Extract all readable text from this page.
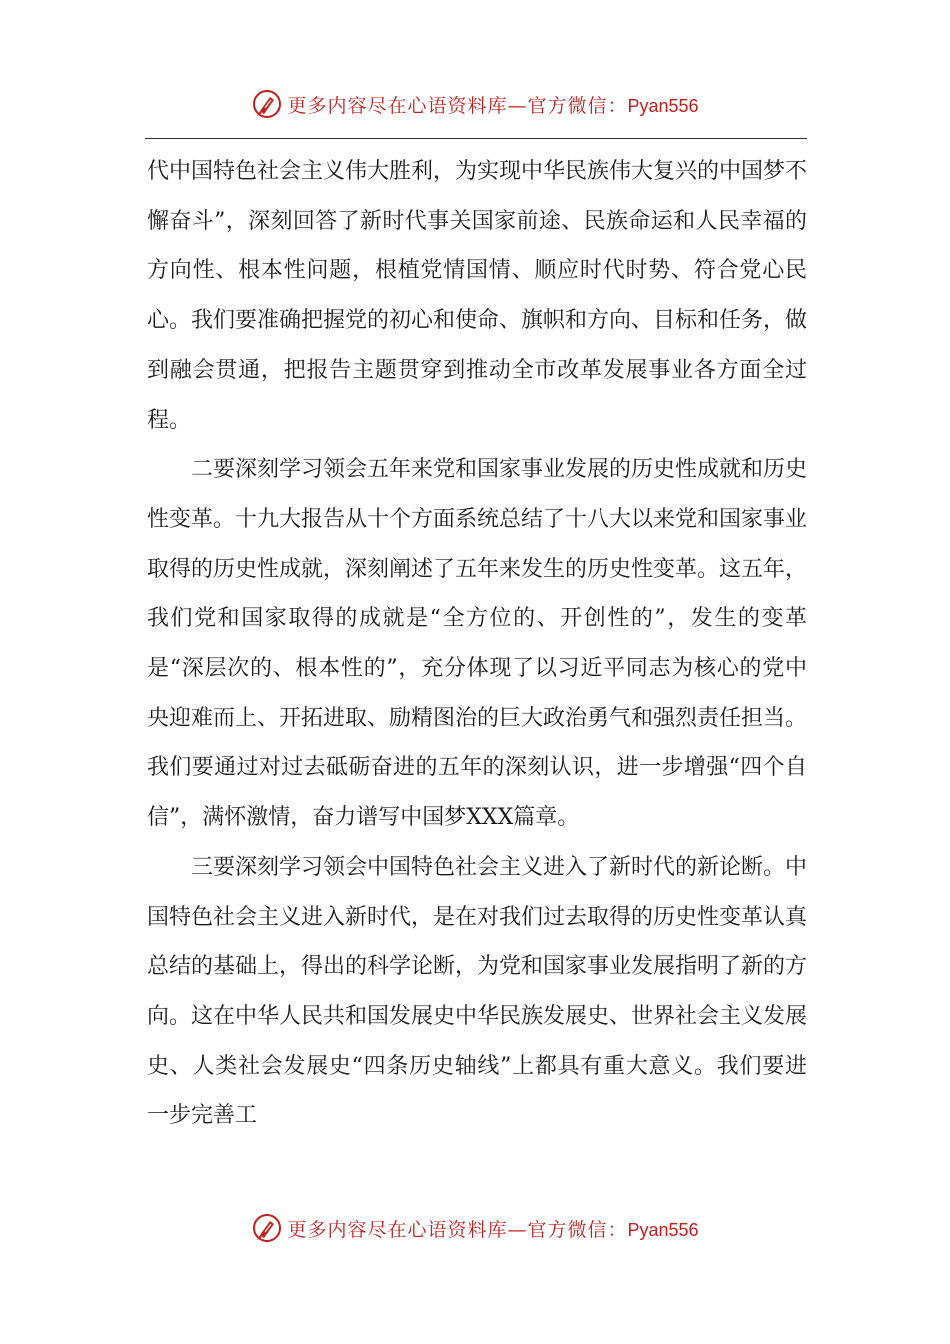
更多内容尽在心语资料库—官方微信：Pyan556

代中国特色社会主义伟大胜利，为实现中华民族伟大复兴的中国梦不懈奋斗”，深刻回答了新时代事关国家前途、民族命运和人民幸福的方向性、根本性问题，根植党情国情、顺应时代时势、符合党心民心。我们要准确把握党的初心和使命、旗帜和方向、目标和任务，做到融会贯通，把报告主题贯穿到推动全市改革发展事业各方面全过程。

二要深刻学习领会五年来党和国家事业发展的历史性成就和历史性变革。十九大报告从十个方面系统总结了十八大以来党和国家事业取得的历史性成就，深刻阐述了五年来发生的历史性变革。这五年，我们党和国家取得的成就是“全方位的、开创性的”，发生的变革是“深层次的、根本性的”，充分体现了以习近平同志为核心的党中央迎难而上、开拓进取、励精图治的巨大政治勇气和强烈责任担当。我们要通过对过去砥砺奋进的五年的深刻认识，进一步增强“四个自信”，满怀激情，奋力谱写中国梦XXX篇章。

三要深刻学习领会中国特色社会主义进入了新时代的新论断。中国特色社会主义进入新时代，是在对我们过去取得的历史性变革认真总结的基础上，得出的科学论断，为党和国家事业发展指明了新的方向。这在中华人民共和国发展史中华民族发展史、世界社会主义发展史、人类社会发展史“四条历史轴线”上都具有重大意义。我们要进一步完善工

更多内容尽在心语资料库—官方微信：Pyan556
